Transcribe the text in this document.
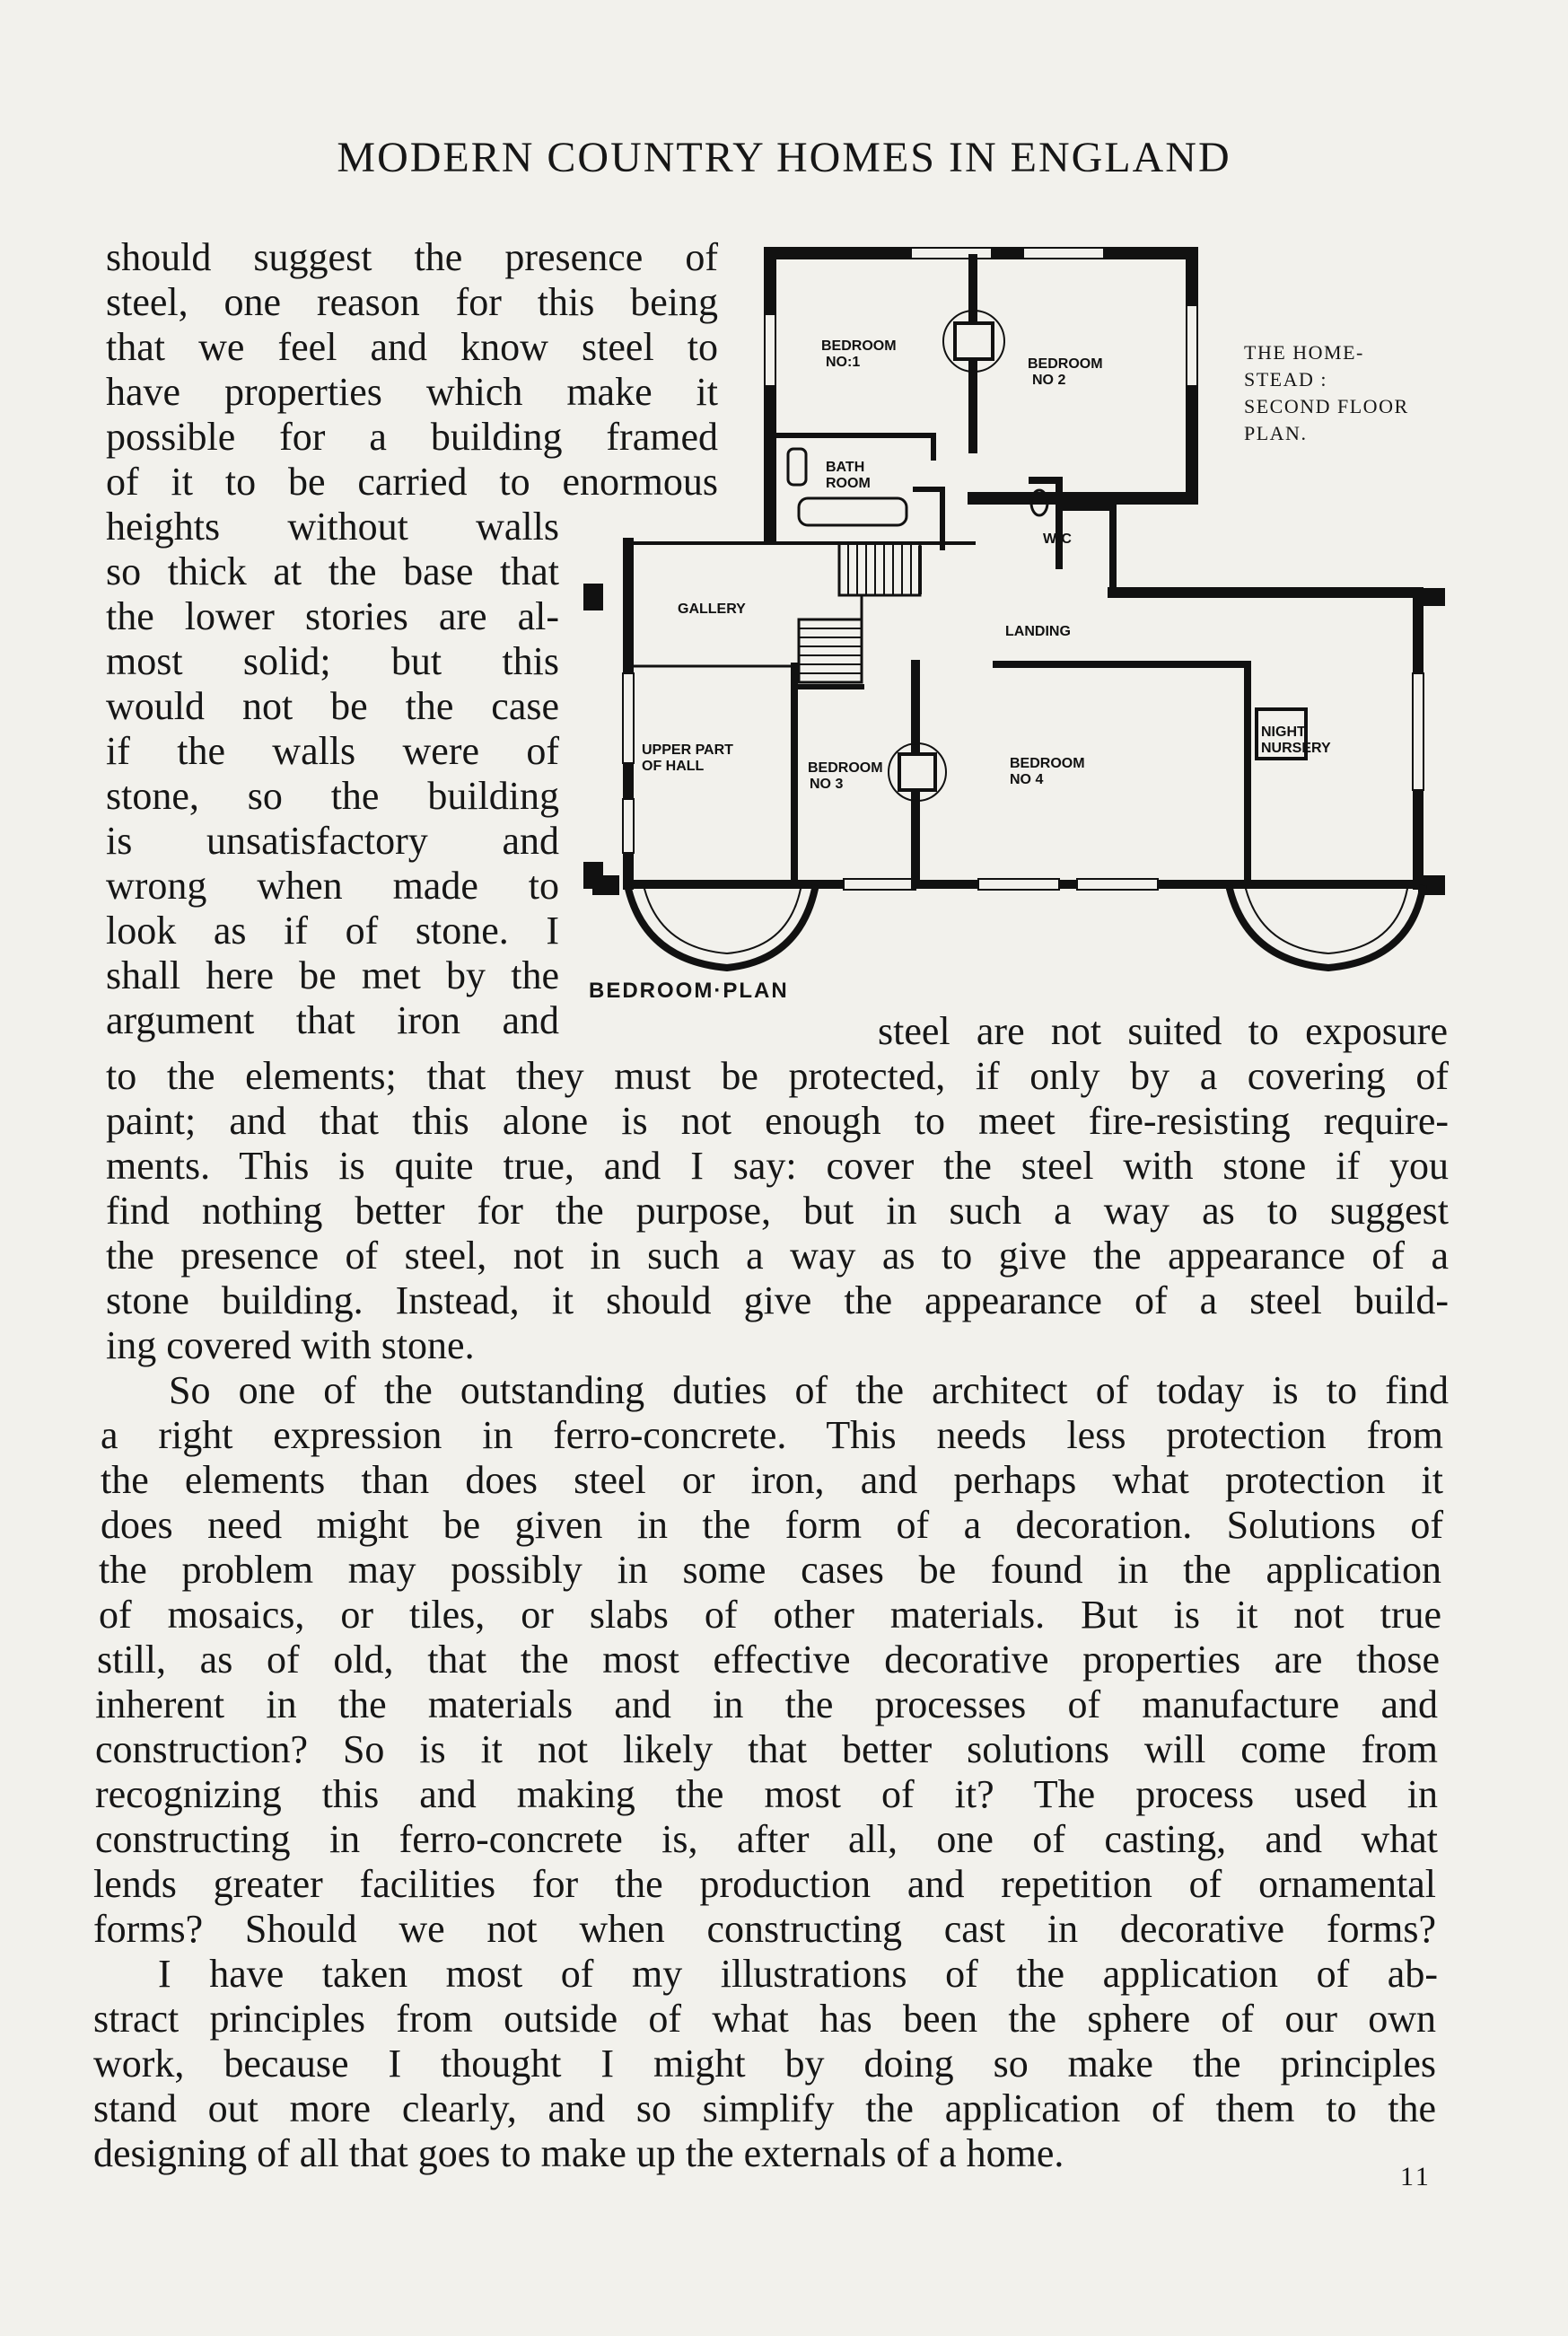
MODERN COUNTRY HOMES IN ENGLAND
should suggest the presence of
steel, one reason for this being
that we feel and know steel to
have properties which make it
possible for a building framed
of it to be carried to enormous
heights without walls
so thick at the base that
the lower stories are al-
most solid; but this
would not be the case
if the walls were of
stone, so the building
is unsatisfactory and
wrong when made to
look as if of stone. I
shall here be met by the
argument that iron and	steel are not suited to exposure
BEDROOM
NO:1	BEDROOM
NO 2
BATH
ROOM
W·C
GALLERY
LANDING
UPPER PART
OF HALL	BEDROOM
NO 3
BEDROOM
NO 4
NIGHT
NURSERY
THE HOME-
STEAD :
SECOND FLOOR
PLAN.
BEDROOM·PLAN
to the elements; that they must be protected, if only by a covering of
paint; and that this alone is not enough to meet fire-resisting require-
ments. This is quite true, and I say: cover the steel with stone if you
find nothing better for the purpose, but in such a way as to suggest
the presence of steel, not in such a way as to give the appearance of a
stone building. Instead, it should give the appearance of a steel build-
ing covered with stone.
So one of the outstanding duties of the architect of today is to find
a right expression in ferro-concrete. This needs less protection from
the elements than does steel or iron, and perhaps what protection it
does need might be given in the form of a decoration. Solutions of
the problem may possibly in some cases be found in the application
of mosaics, or tiles, or slabs of other materials. But is it not true
still, as of old, that the most effective decorative properties are those
inherent in the materials and in the processes of manufacture and
construction? So is it not likely that better solutions will come from
recognizing this and making the most of it? The process used in
constructing in ferro-concrete is, after all, one of casting, and what
lends greater facilities for the production and repetition of ornamental
forms? Should we not when constructing cast in decorative forms?
I have taken most of my illustrations of the application of ab-
stract principles from outside of what has been the sphere of our own
work, because I thought I might by doing so make the principles
stand out more clearly, and so simplify the application of them to the
designing of all that goes to make up the externals of a home.
11
